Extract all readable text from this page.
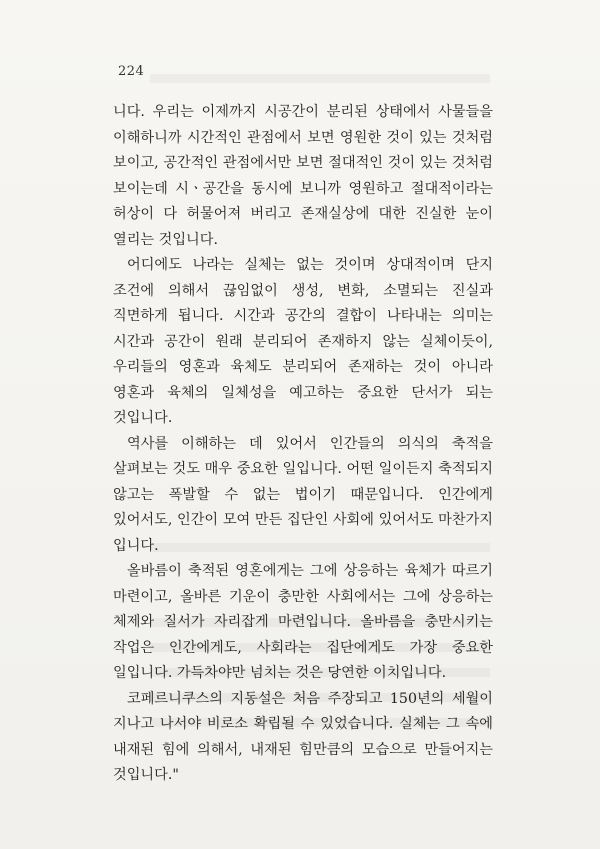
224

니다. 우리는 이제까지 시공간이 분리된 상태에서 사물들을 이해하니까 시간적인 관점에서 보면 영원한 것이 있는 것처럼 보이고, 공간적인 관점에서만 보면 절대적인 것이 있는 것처럼 보이는데 시ㆍ공간을 동시에 보니까 영원하고 절대적이라는 허상이 다 허물어져 버리고 존재실상에 대한 진실한 눈이 열리는 것입니다.

어디에도 나라는 실체는 없는 것이며 상대적이며 단지 조건에 의해서 끊임없이 생성, 변화, 소멸되는 진실과 직면하게 됩니다. 시간과 공간의 결합이 나타내는 의미는 시간과 공간이 원래 분리되어 존재하지 않는 실체이듯이, 우리들의 영혼과 육체도 분리되어 존재하는 것이 아니라 영혼과 육체의 일체성을 예고하는 중요한 단서가 되는 것입니다.

역사를 이해하는 데 있어서 인간들의 의식의 축적을 살펴보는 것도 매우 중요한 일입니다. 어떤 일이든지 축적되지 않고는 폭발할 수 없는 법이기 때문입니다. 인간에게 있어서도, 인간이 모여 만든 집단인 사회에 있어서도 마찬가지 입니다.

올바름이 축적된 영혼에게는 그에 상응하는 육체가 따르기 마련이고, 올바른 기운이 충만한 사회에서는 그에 상응하는 체제와 질서가 자리잡게 마련입니다. 올바름을 충만시키는 작업은 인간에게도, 사회라는 집단에게도 가장 중요한 일입니다. 가득차야만 넘치는 것은 당연한 이치입니다.

코페르니쿠스의 지동설은 처음 주장되고 150년의 세월이 지나고 나서야 비로소 확립될 수 있었습니다. 실체는 그 속에 내재된 힘에 의해서, 내재된 힘만큼의 모습으로 만들어지는 것입니다."
